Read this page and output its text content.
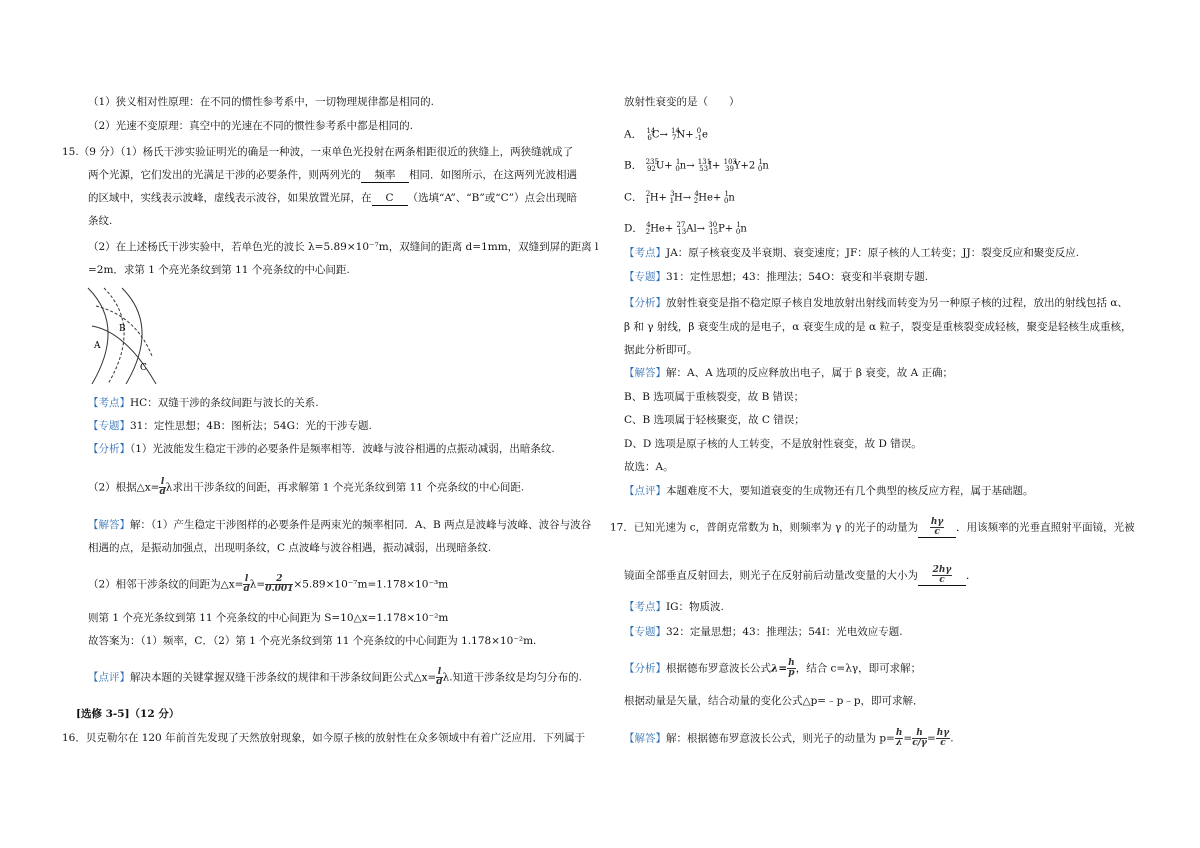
（1）狭义相对性原理：在不同的惯性参考系中，一切物理规律都是相同的.
（2）光速不变原理：真空中的光速在不同的惯性参考系中都是相同的.
15.（9 分）（1）杨氏干涉实验证明光的确是一种波，一束单色光投射在两条相距很近的狭缝上，两狭缝就成了
两个光源，它们发出的光满足干涉的必要条件，则两列光的 频率 相同．如图所示，在这两列光波相遇
的区域中，实线表示波峰，虚线表示波谷，如果放置光屏，在 C （选填“A”、“B”或“C”）点会出现暗
条纹.
（2）在上述杨氏干涉实验中，若单色光的波长 λ=5.89×10⁻⁷m，双缝间的距离 d=1mm，双缝到屏的距离 l
=2m．求第 1 个亮光条纹到第 11 个亮条纹的中心间距.
A
B
C
【考点】HC：双缝干涉的条纹间距与波长的关系.
【专题】31：定性思想；4B：图析法；54G：光的干涉专题.
【分析】（1）光波能发生稳定干涉的必要条件是频率相等．波峰与波谷相遇的点振动减弱，出暗条纹.
（2）根据△x= $\frac{l}{d}$ λ求出干涉条纹的间距，再求解第 1 个亮光条纹到第 11 个亮条纹的中心间距.
【解答】解：（1）产生稳定干涉图样的必要条件是两束光的频率相同．A、B 两点是波峰与波峰、波谷与波谷
相遇的点，是振动加强点，出现明条纹，C 点波峰与波谷相遇，振动减弱，出现暗条纹.
（2）相邻干涉条纹的间距为△x= $\frac{l}{d} \lambda= \frac{2}{0.001} \times 5.89\times 10^{-7}m=1.178\times 10^{-3}m$
则第 1 个亮光条纹到第 11 个亮条纹的中心间距为 S=10△x=1.178×10⁻²m
故答案为：（1）频率，C．（2）第 1 个亮光条纹到第 11 个亮条纹的中心间距为 1.178×10⁻²m.
【点评】解决本题的关键掌握双缝干涉条纹的规律和干涉条纹间距公式△x= $\frac{l}{d} \lambda$.知道干涉条纹是均匀分布的.
[选修 3-5]（12 分）
16．贝克勒尔在 120 年前首先发现了天然放射现象，如今原子核的放射性在众多领域中有着广泛应用．下列属于
放射性衰变的是（　　）
A．   $^{14}_6$C→ $^{14}_7$N+ $^0_{-1}$e
B． $^{235}_{92}$U+ $^1_0$n→ $^{131}_{53}$I+ $^{103}_{39}$Y+2 $^1_0$n
C． $^2_1$H+ $^3_1$H→ $^4_2$He+ $^1_0$n
D． $^4_2$He+ $^{27}_{13}$Al→ $^{30}_{15}$P+ $^1_0$n
【考点】JA：原子核衰变及半衰期、衰变速度；JF：原子核的人工转变；JJ：裂变反应和聚变反应.
【专题】31：定性思想；43：推理法；54O：衰变和半衰期专题.
【分析】放射性衰变是指不稳定原子核自发地放射出射线而转变为另一种原子核的过程，放出的射线包括 α、
β 和 γ 射线，β 衰变生成的是电子，α 衰变生成的是 α 粒子，裂变是重核裂变成轻核，聚变是轻核生成重核，
据此分析即可。
【解答】解：A、A 选项的反应释放出电子，属于 β 衰变，故 A 正确；
B、B 选项属于重核裂变，故 B 错误；
C、B 选项属于轻核聚变，故 C 错误；
D、D 选项是原子核的人工转变，不是放射性衰变，故 D 错误。
故选：A。
【点评】本题难度不大，要知道衰变的生成物还有几个典型的核反应方程，属于基础题。
17．已知光速为 c，普朗克常数为 h，则频率为 γ 的光子的动量为 $\frac{h\gamma}{c}$ ．用该频率的光垂直照射平面镜，光被
镜面全部垂直反射回去，则光子在反射前后动量改变量的大小为 $\frac{2h\gamma}{c}$ ．
【考点】IG：物质波.
【专题】32：定量思想；43：推理法；54I：光电效应专题.
【分析】根据德布罗意波长公式$\lambda= \frac{h}{p}$ ，结合 c=λγ，即可求解；
根据动量是矢量，结合动量的变化公式△p=﹣p﹣p，即可求解．
【解答】解：根据德布罗意波长公式，则光子的动量为 $p= \frac{h}{\lambda} = \frac{h}{c/\gamma} = \frac{h\gamma}{c}$ .
